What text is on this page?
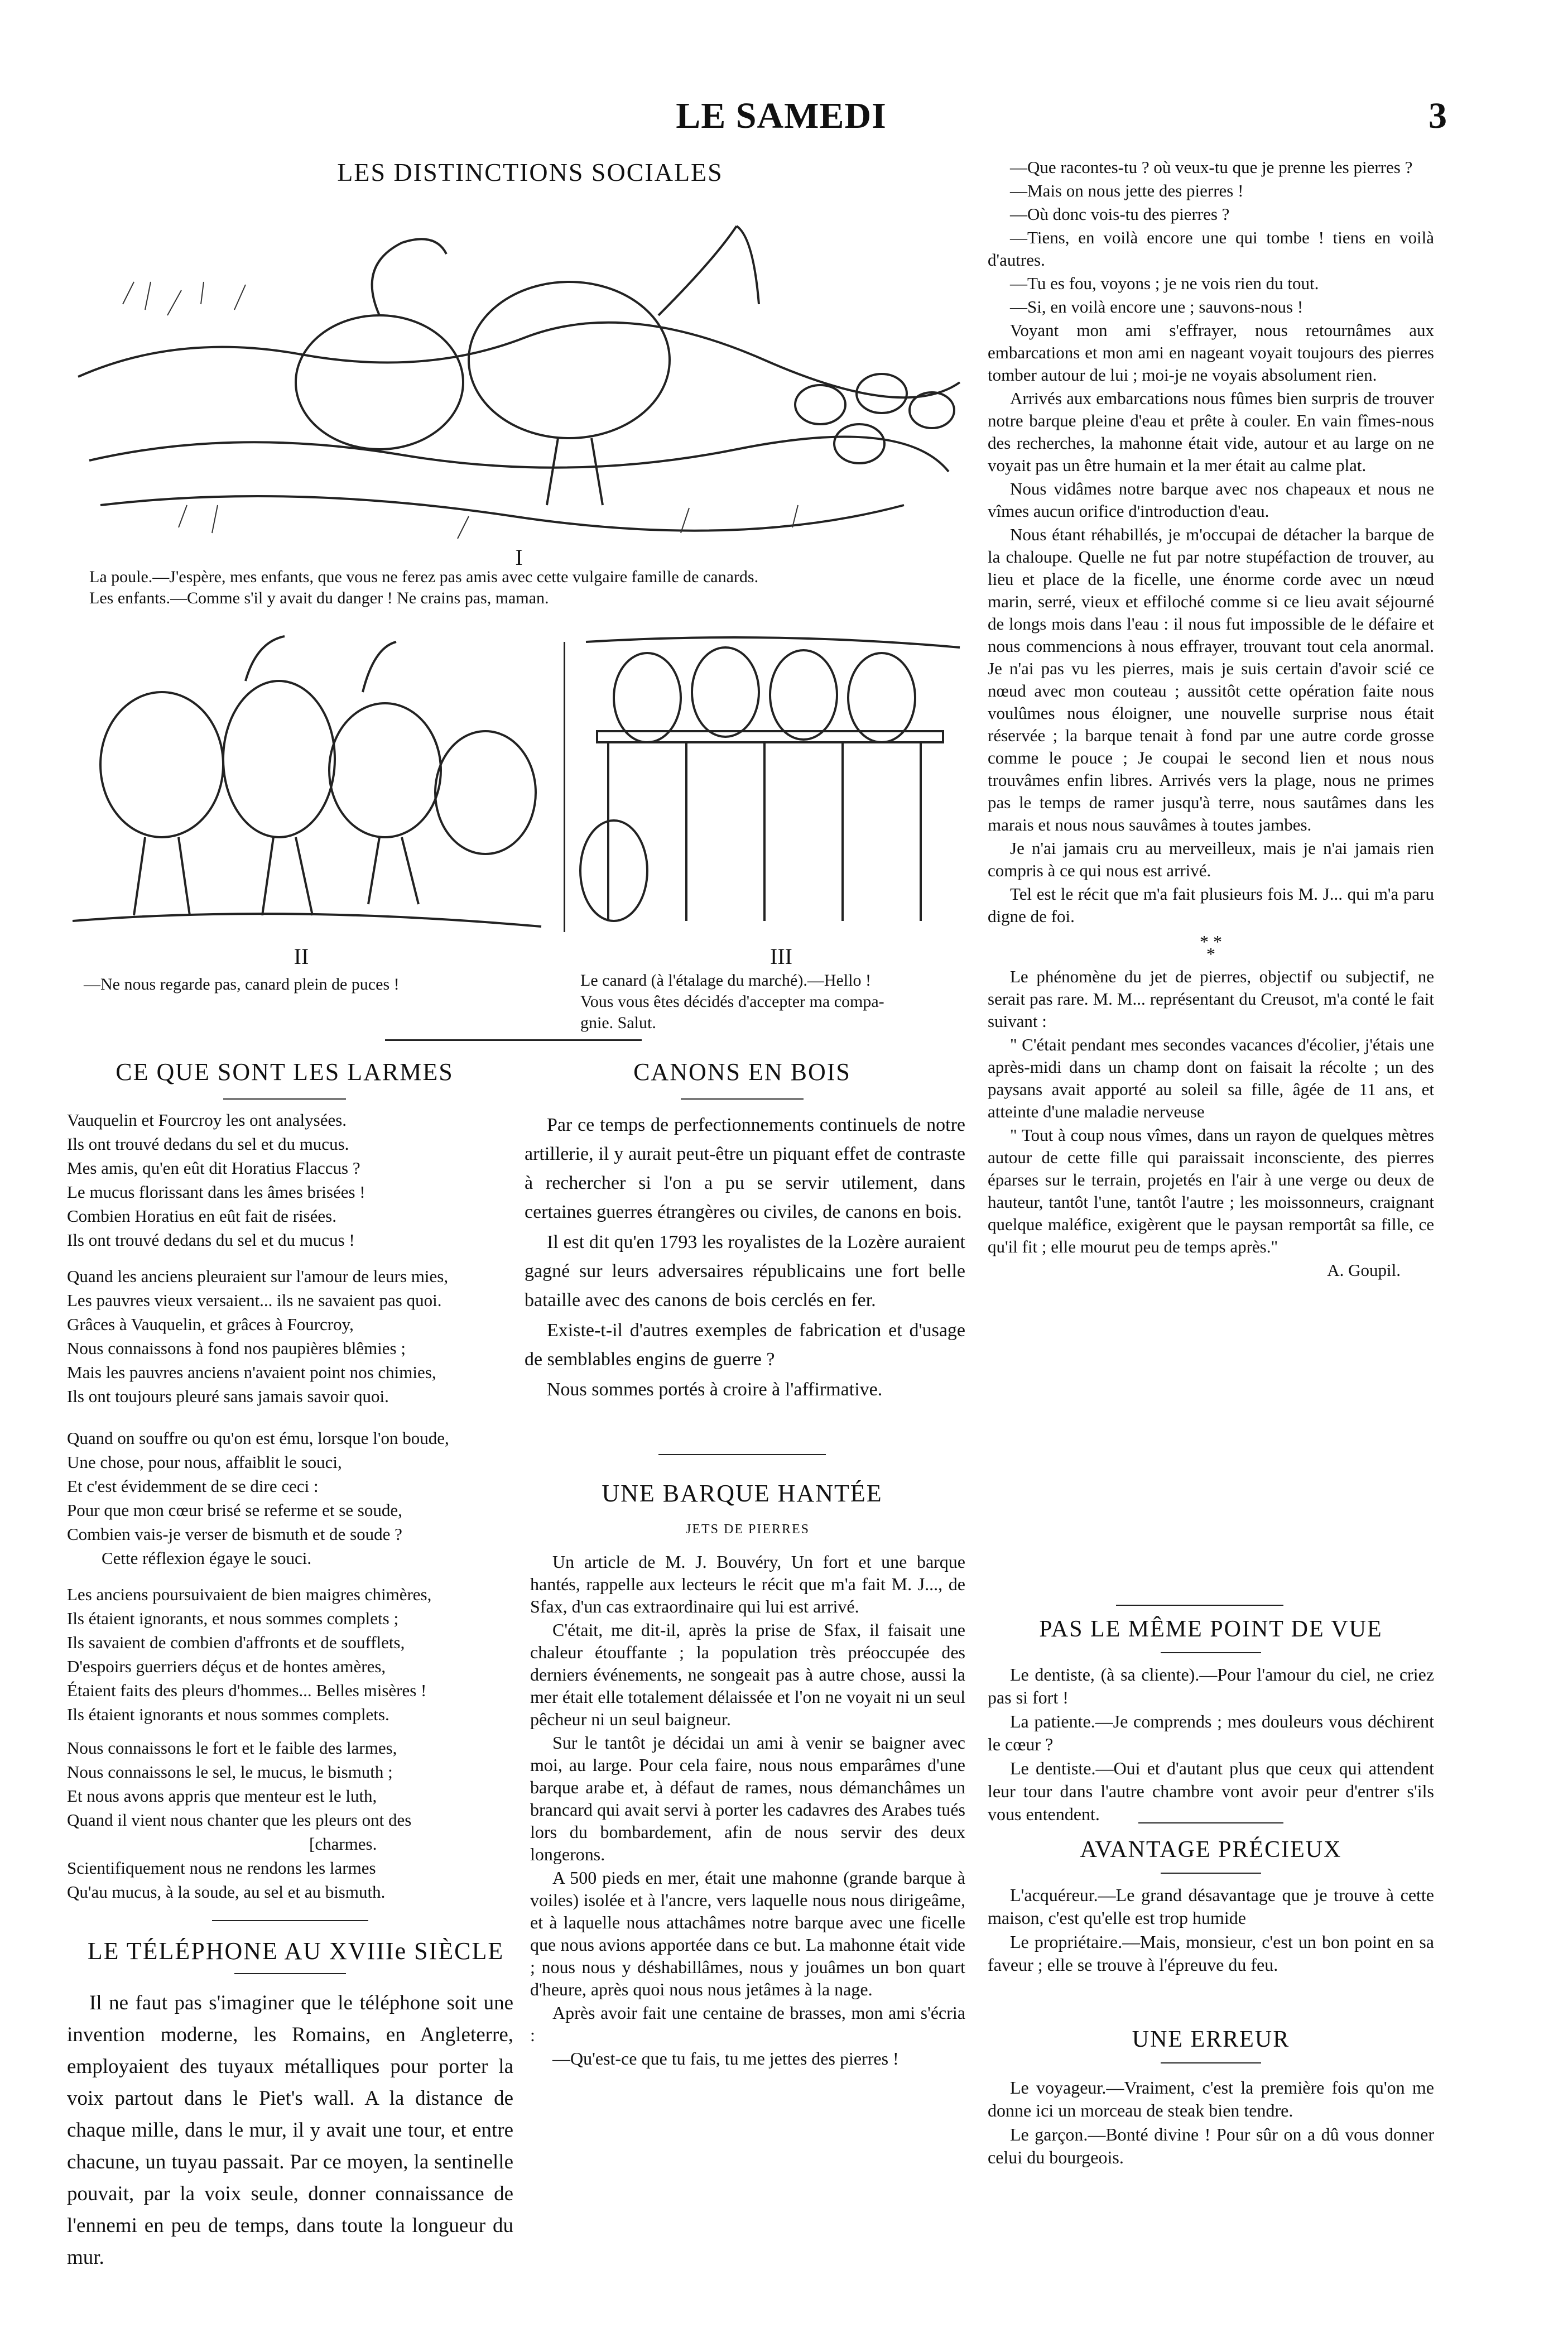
LE SAMEDI	3
LES DISTINCTIONS SOCIALES
I
La poule.—J'espère, mes enfants, que vous ne ferez pas amis avec cette vulgaire famille de canards.
Les enfants.—Comme s'il y avait du danger ! Ne crains pas, maman.
II
—Ne nous regarde pas, canard plein de puces !
III
Le canard (à l'étalage du marché).—Hello !
Vous vous êtes décidés d'accepter ma compa-
gnie. Salut.
CE QUE SONT LES LARMES
Vauquelin et Fourcroy les ont analysées.
Ils ont trouvé dedans du sel et du mucus.
Mes amis, qu'en eût dit Horatius Flaccus ?
Le mucus florissant dans les âmes brisées !
Combien Horatius en eût fait de risées.
Ils ont trouvé dedans du sel et du mucus !
Quand les anciens pleuraient sur l'amour de leurs mies,
Les pauvres vieux versaient... ils ne savaient pas quoi.
Grâces à Vauquelin, et grâces à Fourcroy,
Nous connaissons à fond nos paupières blêmies ;
Mais les pauvres anciens n'avaient point nos chimies,
Ils ont toujours pleuré sans jamais savoir quoi.
Quand on souffre ou qu'on est ému, lorsque l'on boude,
Une chose, pour nous, affaiblit le souci,
Et c'est évidemment de se dire ceci :
Pour que mon cœur brisé se referme et se soude,
Combien vais-je verser de bismuth et de soude ?
Cette réflexion égaye le souci.
Les anciens poursuivaient de bien maigres chimères,
Ils étaient ignorants, et nous sommes complets ;
Ils savaient de combien d'affronts et de soufflets,
D'espoirs guerriers déçus et de hontes amères,
Étaient faits des pleurs d'hommes... Belles misères !
Ils étaient ignorants et nous sommes complets.
Nous connaissons le fort et le faible des larmes,
Nous connaissons le sel, le mucus, le bismuth ;
Et nous avons appris que menteur est le luth,
Quand il vient nous chanter que les pleurs ont des
[charmes.
Scientifiquement nous ne rendons les larmes
Qu'au mucus, à la soude, au sel et au bismuth.
LE TÉLÉPHONE AU XVIIIe SIÈCLE

Il ne faut pas s'imaginer que le téléphone soit une invention moderne, les Romains, en Angleterre, employaient des tuyaux métalliques pour porter la voix partout dans le Piet's wall. A la distance de chaque mille, dans le mur, il y avait une tour, et entre chacune, un tuyau passait. Par ce moyen, la sentinelle pouvait, par la voix seule, donner connaissance de l'ennemi en peu de temps, dans toute la longueur du mur.

CANONS EN BOIS

Par ce temps de perfectionnements continuels de notre artillerie, il y aurait peut-être un piquant effet de contraste à rechercher si l'on a pu se servir utilement, dans certaines guerres étrangères ou civiles, de canons en bois.

Il est dit qu'en 1793 les royalistes de la Lozère auraient gagné sur leurs adversaires républicains une fort belle bataille avec des canons de bois cerclés en fer.

Existe-t-il d'autres exemples de fabrication et d'usage de semblables engins de guerre ?

Nous sommes portés à croire à l'affirmative.

UNE BARQUE HANTÉE
JETS DE PIERRES

Un article de M. J. Bouvéry, Un fort et une barque hantés, rappelle aux lecteurs le récit que m'a fait M. J..., de Sfax, d'un cas extraordinaire qui lui est arrivé.

C'était, me dit-il, après la prise de Sfax, il faisait une chaleur étouffante ; la population très préoccupée des derniers événements, ne songeait pas à autre chose, aussi la mer était elle totalement délaissée et l'on ne voyait ni un seul pêcheur ni un seul baigneur.

Sur le tantôt je décidai un ami à venir se baigner avec moi, au large. Pour cela faire, nous nous emparâmes d'une barque arabe et, à défaut de rames, nous démanchâmes un brancard qui avait servi à porter les cadavres des Arabes tués lors du bombardement, afin de nous servir des deux longerons.

A 500 pieds en mer, était une mahonne (grande barque à voiles) isolée et à l'ancre, vers laquelle nous nous dirigeâme, et à laquelle nous attachâmes notre barque avec une ficelle que nous avions apportée dans ce but. La mahonne était vide ; nous nous y déshabillâmes, nous y jouâmes un bon quart d'heure, après quoi nous nous jetâmes à la nage.

Après avoir fait une centaine de brasses, mon ami s'écria :

—Qu'est-ce que tu fais, tu me jettes des pierres !

—Que racontes-tu ? où veux-tu que je prenne les pierres ?

—Mais on nous jette des pierres !

—Où donc vois-tu des pierres ?

—Tiens, en voilà encore une qui tombe ! tiens en voilà d'autres.

—Tu es fou, voyons ; je ne vois rien du tout.

—Si, en voilà encore une ; sauvons-nous !

Voyant mon ami s'effrayer, nous retournâmes aux embarcations et mon ami en nageant voyait toujours des pierres tomber autour de lui ; moi-je ne voyais absolument rien.

Arrivés aux embarcations nous fûmes bien surpris de trouver notre barque pleine d'eau et prête à couler. En vain fîmes-nous des recherches, la mahonne était vide, autour et au large on ne voyait pas un être humain et la mer était au calme plat.

Nous vidâmes notre barque avec nos chapeaux et nous ne vîmes aucun orifice d'introduction d'eau.

Nous étant réhabillés, je m'occupai de détacher la barque de la chaloupe. Quelle ne fut par notre stupéfaction de trouver, au lieu et place de la ficelle, une énorme corde avec un nœud marin, serré, vieux et effiloché comme si ce lieu avait séjourné de longs mois dans l'eau : il nous fut impossible de le défaire et nous commencions à nous effrayer, trouvant tout cela anormal. Je n'ai pas vu les pierres, mais je suis certain d'avoir scié ce nœud avec mon couteau ; aussitôt cette opération faite nous voulûmes nous éloigner, une nouvelle surprise nous était réservée ; la barque tenait à fond par une autre corde grosse comme le pouce ; Je coupai le second lien et nous nous trouvâmes enfin libres. Arrivés vers la plage, nous ne primes pas le temps de ramer jusqu'à terre, nous sautâmes dans les marais et nous nous sauvâmes à toutes jambes.

Je n'ai jamais cru au merveilleux, mais je n'ai jamais rien compris à ce qui nous est arrivé.

Tel est le récit que m'a fait plusieurs fois M. J... qui m'a paru digne de foi.

* *
*

Le phénomène du jet de pierres, objectif ou subjectif, ne serait pas rare. M. M... représentant du Creusot, m'a conté le fait suivant :

" C'était pendant mes secondes vacances d'écolier, j'étais une après-midi dans un champ dont on faisait la récolte ; un des paysans avait apporté au soleil sa fille, âgée de 11 ans, et atteinte d'une maladie nerveuse

" Tout à coup nous vîmes, dans un rayon de quelques mètres autour de cette fille qui paraissait inconsciente, des pierres éparses sur le terrain, projetés en l'air à une verge ou deux de hauteur, tantôt l'une, tantôt l'autre ; les moissonneurs, craignant quelque maléfice, exigèrent que le paysan remportât sa fille, ce qu'il fit ; elle mourut peu de temps après."

A. Goupil.
PAS LE MÊME POINT DE VUE

Le dentiste, (à sa cliente).—Pour l'amour du ciel, ne criez pas si fort !

La patiente.—Je comprends ; mes douleurs vous déchirent le cœur ?

Le dentiste.—Oui et d'autant plus que ceux qui attendent leur tour dans l'autre chambre vont avoir peur d'entrer s'ils vous entendent.

AVANTAGE PRÉCIEUX

L'acquéreur.—Le grand désavantage que je trouve à cette maison, c'est qu'elle est trop humide

Le propriétaire.—Mais, monsieur, c'est un bon point en sa faveur ; elle se trouve à l'épreuve du feu.

UNE ERREUR

Le voyageur.—Vraiment, c'est la première fois qu'on me donne ici un morceau de steak bien tendre.

Le garçon.—Bonté divine ! Pour sûr on a dû vous donner celui du bourgeois.
